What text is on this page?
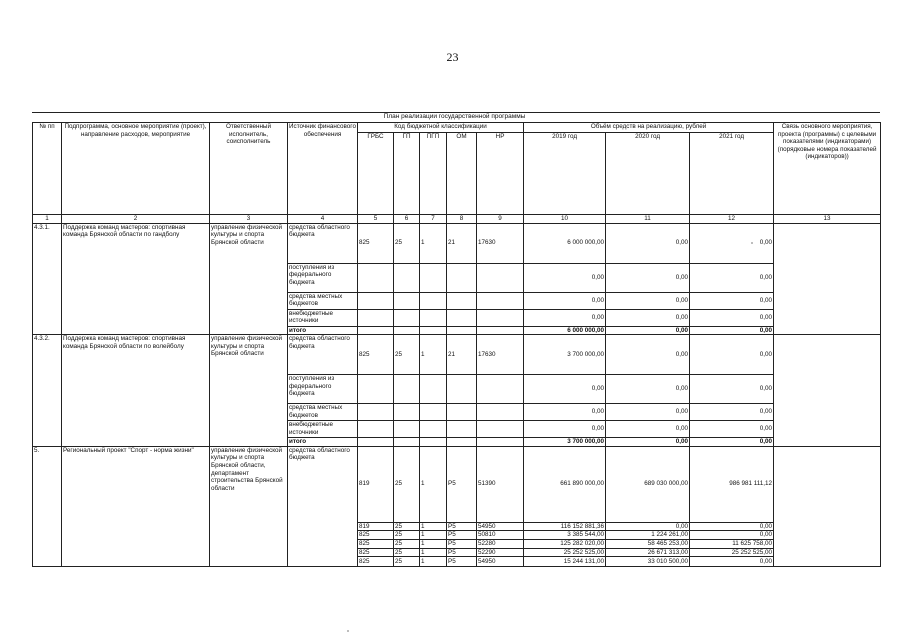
23
План реализации государственной программы
№ пп	Подпрограмма, основное мероприятие (проект), направление расходов, мероприятие	Ответственный исполнитель, соисполнитель	Источник финансового обеспечения	Код бюджетной классификации					Объём средств на реализацию, рублей			Связь основного мероприятия, проекта (программы) с целевыми показателями (индикаторами) (порядковые номера показателей (индикаторов))
				ГРБС	ГП	ПГП	ОМ	НР	2019 год	2020 год	2021 год	
1	2	3	4	5	6	7	8	9	10	11	12	13
4.3.1.	Поддержка команд мастеров: спортивная команда Брянской области по гандболу	управление физической культуры и спорта Брянской области	средства областного бюджета	825	25	1	21	17630	6 000 000,00	0,00	0,00	
			поступления из федерального бюджета						0,00	0,00	0,00	
			средства местных бюджетов						0,00	0,00	0,00	
			внебюджетные источники						0,00	0,00	0,00	
			итого						6 000 000,00	0,00	0,00	
4.3.2.	Поддержка команд мастеров: спортивная команда Брянской области по волейболу	управление физической культуры и спорта Брянской области	средства областного бюджета	825	25	1	21	17630	3 700 000,00	0,00	0,00	
			поступления из федерального бюджета						0,00	0,00	0,00	
			средства местных бюджетов						0,00	0,00	0,00	
			внебюджетные источники						0,00	0,00	0,00	
			итого						3 700 000,00	0,00	0,00	
5.	Региональный проект "Спорт - норма жизни"	управление физической культуры и спорта Брянской области, департамент строительства Брянской области	средства областного бюджета	819	25	1	P5	51390	661 890 000,00	689 030 000,00	986 981 111,12	
				819	25	1	P5	54950	116 152 881,36	0,00	0,00	
				825	25	1	P5	50810	3 385 544,00	1 224 261,00	0,00	
				825	25	1	P5	52280	125 282 020,00	58 465 253,00	11 625 758,00	
				825	25	1	P5	52290	25 252 525,00	26 671 313,00	25 252 525,00	
				825	25	1	P5	54950	15 244 131,00	33 010 500,00	0,00	
